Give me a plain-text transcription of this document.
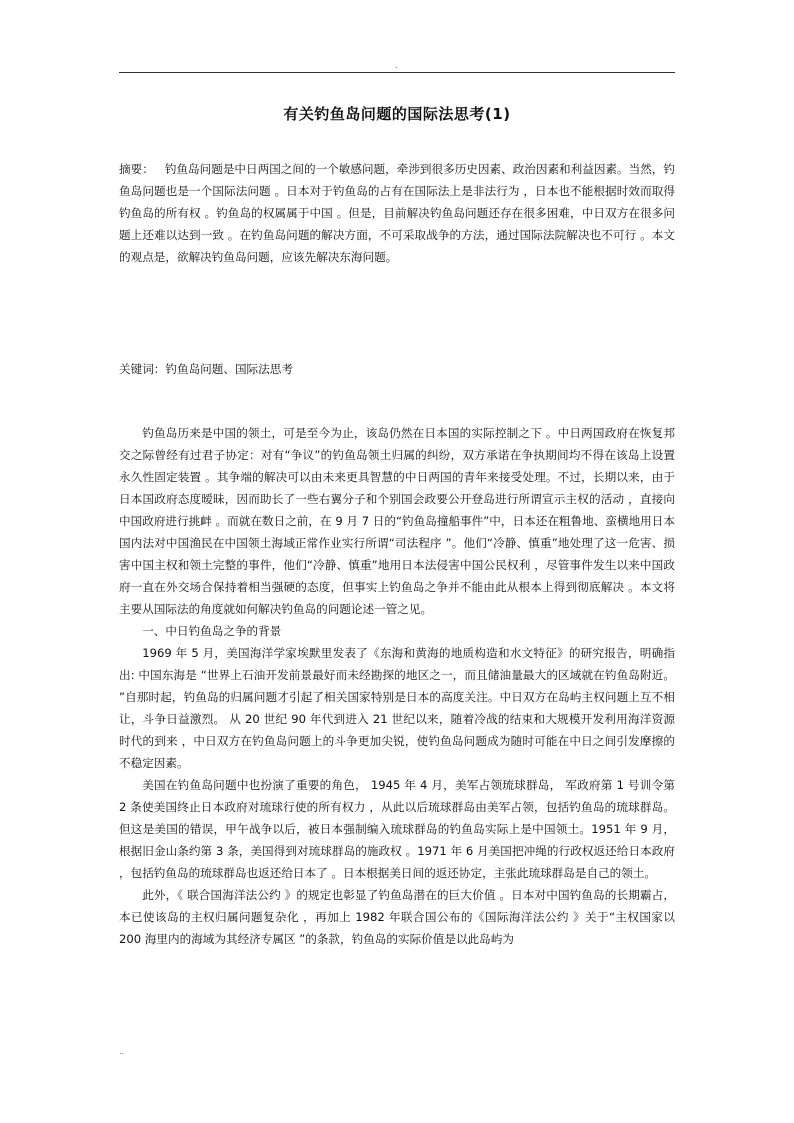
.
有关钓鱼岛问题的国际法思考(1)
摘要： 钓鱼岛问题是中日两国之间的一个敏感问题，牵涉到很多历史因素、政治因素和利益因素。当然，钓鱼岛问题也是一个国际法问题 。日本对于钓鱼岛的占有在国际法上是非法行为 ，日本也不能根据时效而取得钓鱼岛的所有权 。钓鱼岛的权属属于中国 。但是，目前解决钓鱼岛问题还存在很多困难，中日双方在很多问题上还难以达到一致 。在钓鱼岛问题的解决方面，不可采取战争的方法，通过国际法院解决也不可行 。本文的观点是，欲解决钓鱼岛问题，应该先解决东海问题。
关键词：钓鱼岛问题、国际法思考

钓鱼岛历来是中国的领土，可是至今为止，该岛仍然在日本国的实际控制之下 。中日两国政府在恢复邦交之际曾经有过君子协定：对有“争议”的钓鱼岛领土归属的纠纷，双方承诺在争执期间均不得在该岛上设置永久性固定装置 。其争端的解决可以由未来更具智慧的中日两国的青年来接受处理。不过，长期以来，由于日本国政府态度暧昧，因而助长了一些右翼分子和个别国会政要公开登岛进行所谓宣示主权的活动 ，直接向中国政府进行挑衅 。而就在数日之前，在 9 月 7 日的“钓鱼岛撞船事件”中，日本还在粗鲁地、蛮横地用日本国内法对中国渔民在中国领土海域正常作业实行所谓“司法程序 ”。他们“冷静、慎重”地处理了这一危害、损害中国主权和领土完整的事件，他们“冷静、慎重”地用日本法侵害中国公民权利 ，尽管事件发生以来中国政府一直在外交场合保持着相当强硬的态度，但事实上钓鱼岛之争并不能由此从根本上得到彻底解决 。本文将主要从国际法的角度就如何解决钓鱼岛的问题论述一管之见。

一、中日钓鱼岛之争的背景

1969 年 5 月，美国海洋学家埃默里发表了《东海和黄海的地质构造和水文特征》的研究报告，明确指出: 中国东海是 “世界上石油开发前景最好而未经勘探的地区之一，而且储油量最大的区域就在钓鱼岛附近。 ”自那时起，钓鱼岛的归属问题才引起了相关国家特别是日本的高度关注。中日双方在岛屿主权问题上互不相让，斗争日益激烈。 从 20 世纪 90 年代到进入 21 世纪以来，随着冷战的结束和大规模开发利用海洋资源时代的到来 ，中日双方在钓鱼岛问题上的斗争更加尖锐，使钓鱼岛问题成为随时可能在中日之间引发摩擦的不稳定因素。

美国在钓鱼岛问题中也扮演了重要的角色， 1945 年 4 月，美军占领琉球群岛， 军政府第 1 号训令第 2 条使美国终止日本政府对琉球行使的所有权力 ，从此以后琉球群岛由美军占领，包括钓鱼岛的琉球群岛。但这是美国的错误，甲午战争以后，被日本强制编入琉球群岛的钓鱼岛实际上是中国领土。1951 年 9 月，根据旧金山条约第 3 条，美国得到对琉球群岛的施政权 。1971 年 6 月美国把冲绳的行政权返还给日本政府 ，包括钓鱼岛的琉球群岛也返还给日本了 。日本根据美日间的返还协定，主张此琉球群岛是自己的领土。

此外，《 联合国海洋法公约 》的规定也彰显了钓鱼岛潜在的巨大价值 。日本对中国钓鱼岛的长期霸占，本已使该岛的主权归属问题复杂化 ，再加上 1982 年联合国公布的《国际海洋法公约 》关于“主权国家以 200 海里内的海域为其经济专属区 ”的条款，钓鱼岛的实际价值是以此岛屿为

..
